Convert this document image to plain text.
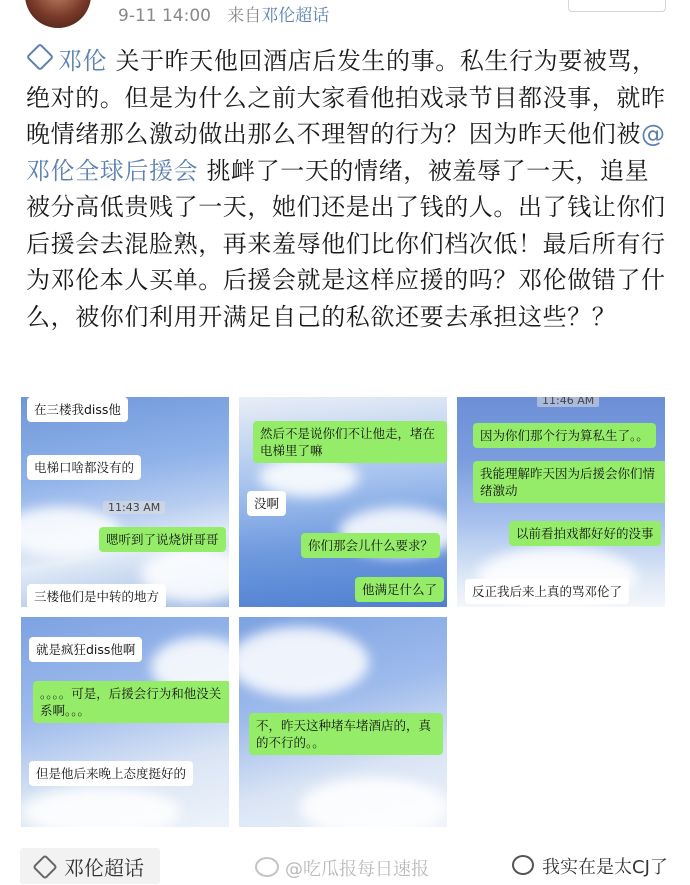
9-11 14:00 来自邓伦超话
邓伦 关于昨天他回酒店后发生的事。私生行为要被骂，绝对的。但是为什么之前大家看他拍戏录节目都没事，就昨晚情绪那么激动做出那么不理智的行为？因为昨天他们被@邓伦全球后援会 挑衅了一天的情绪，被羞辱了一天，追星被分高低贵贱了一天，她们还是出了钱的人。出了钱让你们后援会去混脸熟，再来羞辱他们比你们档次低！最后所有行为邓伦本人买单。后援会就是这样应援的吗？邓伦做错了什么，被你们利用开满足自己的私欲还要去承担这些？？
在三楼我diss他
电梯口啥都没有的
11:43 AM
嗯听到了说烧饼哥哥
三楼他们是中转的地方
然后不是说你们不让他走，堵在电梯里了嘛
没啊
你们那会儿什么要求？
他满足什么了
11:46 AM
因为你们那个行为算私生了。。
我能理解昨天因为后援会你们情绪激动
以前看拍戏都好好的没事
反正我后来上真的骂邓伦了
就是疯狂diss他啊
。。。。可是，后援会行为和他没关系啊。。。
但是他后来晚上态度挺好的
不，昨天这种堵车堵酒店的，真的不行的。。
邓伦超话	@吃瓜报每日速报	我实在是太CJ了
